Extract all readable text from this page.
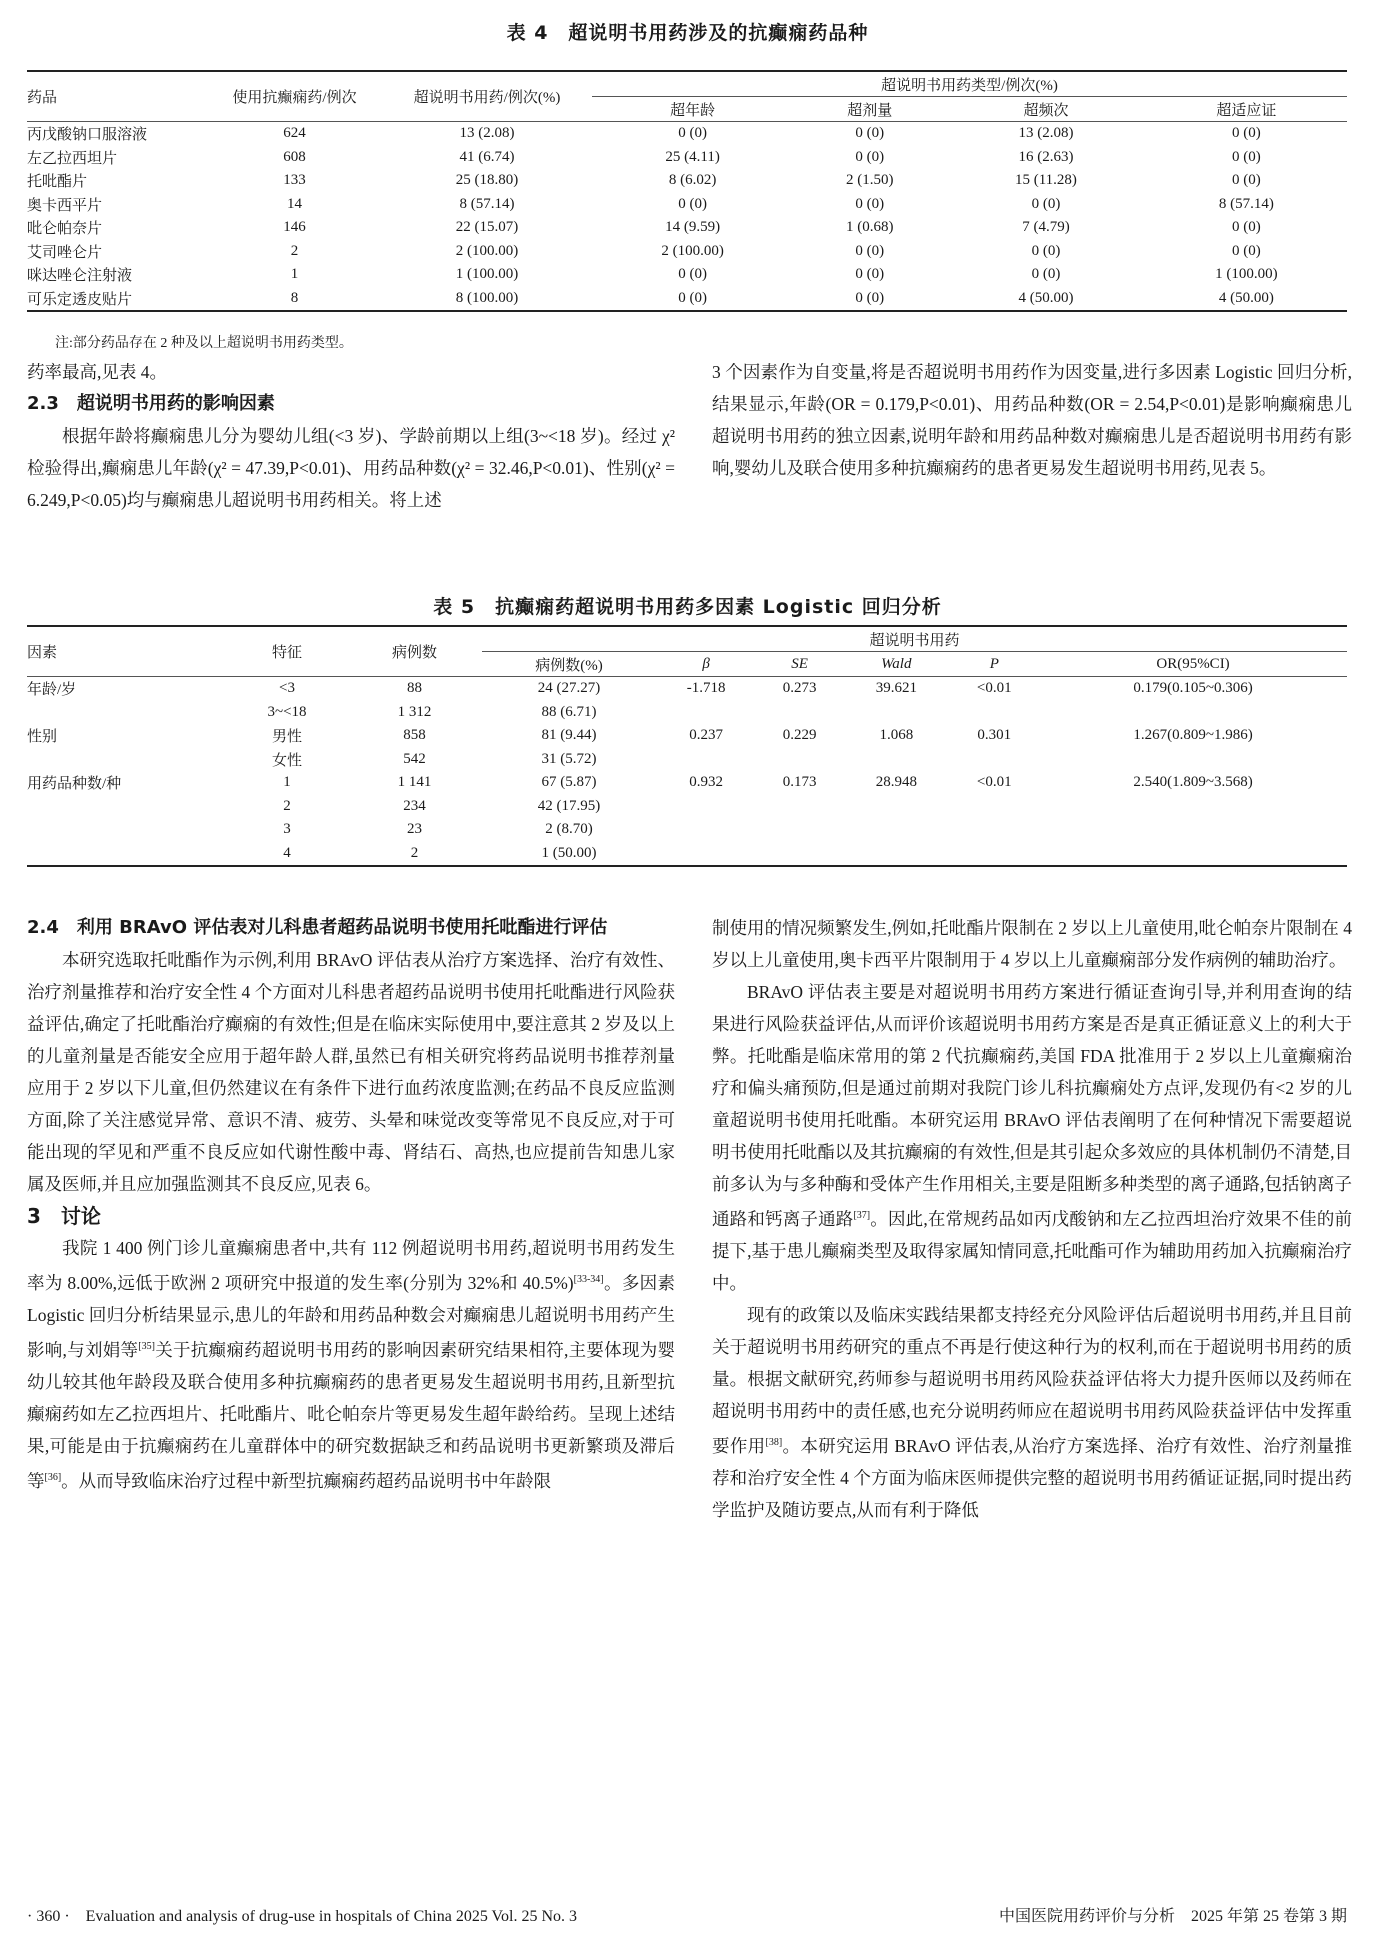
表 4　超说明书用药涉及的抗癫痫药品种
药品	使用抗癫痫药/例次	超说明书用药/例次(%)	超说明书用药类型/例次(%)			
			超年龄	超剂量	超频次	超适应证
丙戊酸钠口服溶液	624	13 (2.08)	0 (0)	0 (0)	13 (2.08)	0 (0)
左乙拉西坦片	608	41 (6.74)	25 (4.11)	0 (0)	16 (2.63)	0 (0)
托吡酯片	133	25 (18.80)	8 (6.02)	2 (1.50)	15 (11.28)	0 (0)
奥卡西平片	14	8 (57.14)	0 (0)	0 (0)	0 (0)	8 (57.14)
吡仑帕奈片	146	22 (15.07)	14 (9.59)	1 (0.68)	7 (4.79)	0 (0)
艾司唑仑片	2	2 (100.00)	2 (100.00)	0 (0)	0 (0)	0 (0)
咪达唑仑注射液	1	1 (100.00)	0 (0)	0 (0)	0 (0)	1 (100.00)
可乐定透皮贴片	8	8 (100.00)	0 (0)	0 (0)	4 (50.00)	4 (50.00)
注:部分药品存在 2 种及以上超说明书用药类型。
药率最高,见表 4。
2.3　超说明书用药的影响因素
根据年龄将癫痫患儿分为婴幼儿组(<3 岁)、学龄前期以上组(3~<18 岁)。经过 χ² 检验得出,癫痫患儿年龄(χ² = 47.39,P<0.01)、用药品种数(χ² = 32.46,P<0.01)、性别(χ² = 6.249,P<0.05)均与癫痫患儿超说明书用药相关。将上述
3 个因素作为自变量,将是否超说明书用药作为因变量,进行多因素 Logistic 回归分析,结果显示,年龄(OR = 0.179,P<0.01)、用药品种数(OR = 2.54,P<0.01)是影响癫痫患儿超说明书用药的独立因素,说明年龄和用药品种数对癫痫患儿是否超说明书用药有影响,婴幼儿及联合使用多种抗癫痫药的患者更易发生超说明书用药,见表 5。
表 5　抗癫痫药超说明书用药多因素 Logistic 回归分析
因素	特征	病例数	超说明书用药					
			病例数(%)	β	SE	Wald	P	OR(95%CI)
年龄/岁	<3	88	24 (27.27)	-1.718	0.273	39.621	<0.01	0.179(0.105~0.306)
	3~<18	1 312	88 (6.71)					
性别	男性	858	81 (9.44)	0.237	0.229	1.068	0.301	1.267(0.809~1.986)
	女性	542	31 (5.72)					
用药品种数/种	1	1 141	67 (5.87)	0.932	0.173	28.948	<0.01	2.540(1.809~3.568)
	2	234	42 (17.95)					
	3	23	2 (8.70)					
	4	2	1 (50.00)					
2.4　利用 BRAvO 评估表对儿科患者超药品说明书使用托吡酯进行评估
本研究选取托吡酯作为示例,利用 BRAvO 评估表从治疗方案选择、治疗有效性、治疗剂量推荐和治疗安全性 4 个方面对儿科患者超药品说明书使用托吡酯进行风险获益评估,确定了托吡酯治疗癫痫的有效性;但是在临床实际使用中,要注意其 2 岁及以上的儿童剂量是否能安全应用于超年龄人群,虽然已有相关研究将药品说明书推荐剂量应用于 2 岁以下儿童,但仍然建议在有条件下进行血药浓度监测;在药品不良反应监测方面,除了关注感觉异常、意识不清、疲劳、头晕和味觉改变等常见不良反应,对于可能出现的罕见和严重不良反应如代谢性酸中毒、肾结石、高热,也应提前告知患儿家属及医师,并且应加强监测其不良反应,见表 6。
3　讨论
我院 1 400 例门诊儿童癫痫患者中,共有 112 例超说明书用药,超说明书用药发生率为 8.00%,远低于欧洲 2 项研究中报道的发生率(分别为 32%和 40.5%)[33-34]。多因素 Logistic 回归分析结果显示,患儿的年龄和用药品种数会对癫痫患儿超说明书用药产生影响,与刘娟等[35]关于抗癫痫药超说明书用药的影响因素研究结果相符,主要体现为婴幼儿较其他年龄段及联合使用多种抗癫痫药的患者更易发生超说明书用药,且新型抗癫痫药如左乙拉西坦片、托吡酯片、吡仑帕奈片等更易发生超年龄给药。呈现上述结果,可能是由于抗癫痫药在儿童群体中的研究数据缺乏和药品说明书更新繁琐及滞后等[36]。从而导致临床治疗过程中新型抗癫痫药超药品说明书中年龄限
制使用的情况频繁发生,例如,托吡酯片限制在 2 岁以上儿童使用,吡仑帕奈片限制在 4 岁以上儿童使用,奥卡西平片限制用于 4 岁以上儿童癫痫部分发作病例的辅助治疗。
BRAvO 评估表主要是对超说明书用药方案进行循证查询引导,并利用查询的结果进行风险获益评估,从而评价该超说明书用药方案是否是真正循证意义上的利大于弊。托吡酯是临床常用的第 2 代抗癫痫药,美国 FDA 批准用于 2 岁以上儿童癫痫治疗和偏头痛预防,但是通过前期对我院门诊儿科抗癫痫处方点评,发现仍有<2 岁的儿童超说明书使用托吡酯。本研究运用 BRAvO 评估表阐明了在何种情况下需要超说明书使用托吡酯以及其抗癫痫的有效性,但是其引起众多效应的具体机制仍不清楚,目前多认为与多种酶和受体产生作用相关,主要是阻断多种类型的离子通路,包括钠离子通路和钙离子通路[37]。因此,在常规药品如丙戊酸钠和左乙拉西坦治疗效果不佳的前提下,基于患儿癫痫类型及取得家属知情同意,托吡酯可作为辅助用药加入抗癫痫治疗中。
现有的政策以及临床实践结果都支持经充分风险评估后超说明书用药,并且目前关于超说明书用药研究的重点不再是行使这种行为的权利,而在于超说明书用药的质量。根据文献研究,药师参与超说明书用药风险获益评估将大力提升医师以及药师在超说明书用药中的责任感,也充分说明药师应在超说明书用药风险获益评估中发挥重要作用[38]。本研究运用 BRAvO 评估表,从治疗方案选择、治疗有效性、治疗剂量推荐和治疗安全性 4 个方面为临床医师提供完整的超说明书用药循证证据,同时提出药学监护及随访要点,从而有利于降低
· 360 ·　Evaluation and analysis of drug-use in hospitals of China 2025 Vol. 25 No. 3	中国医院用药评价与分析　2025 年第 25 卷第 3 期
